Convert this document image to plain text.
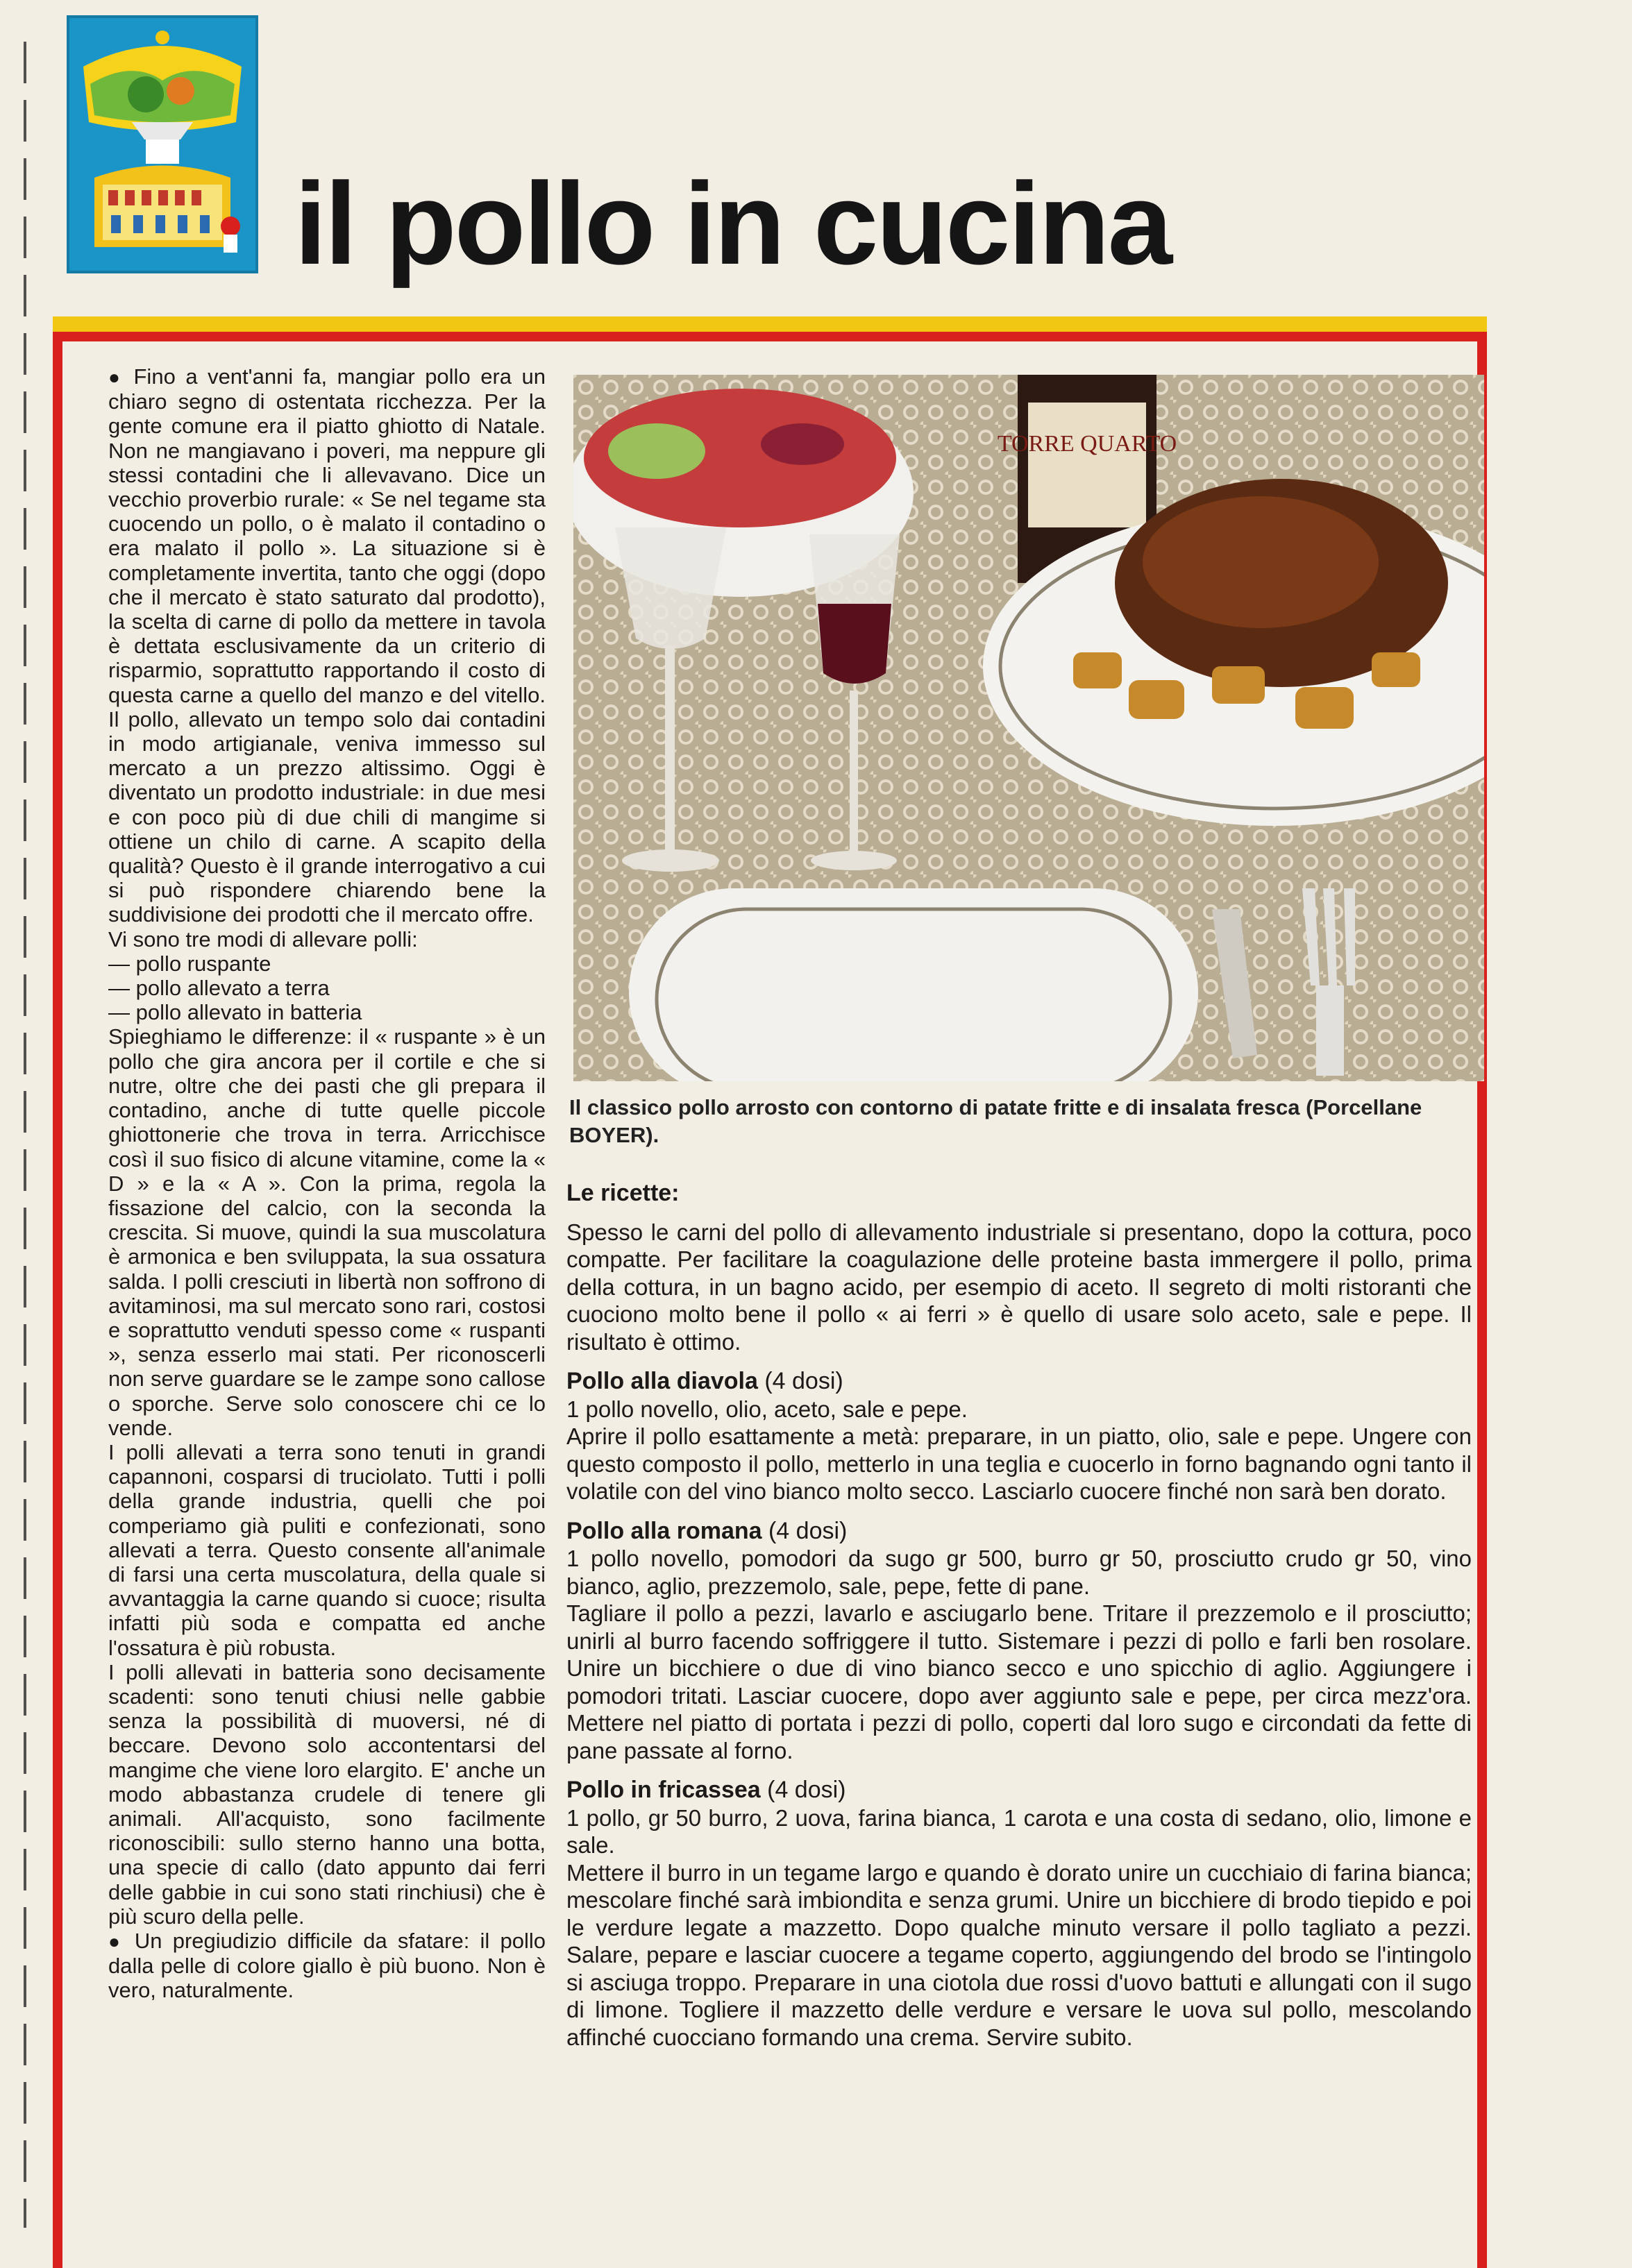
il pollo in cucina

● Fino a vent'anni fa, mangiar pollo era un chiaro segno di ostentata ricchezza. Per la gente comune era il piatto ghiotto di Natale. Non ne mangiavano i poveri, ma neppure gli stessi contadini che li allevavano. Dice un vecchio proverbio rurale: « Se nel tegame sta cuocendo un pollo, o è malato il contadino o era malato il pollo ». La situazione si è completamente invertita, tanto che oggi (dopo che il mercato è stato saturato dal prodotto), la scelta di carne di pollo da mettere in tavola è dettata esclusivamente da un criterio di risparmio, soprattutto rapportando il costo di questa carne a quello del manzo e del vitello. Il pollo, allevato un tempo solo dai contadini in modo artigianale, veniva immesso sul mercato a un prezzo altissimo. Oggi è diventato un prodotto industriale: in due mesi e con poco più di due chili di mangime si ottiene un chilo di carne. A scapito della qualità? Questo è il grande interrogativo a cui si può rispondere chiarendo bene la suddivisione dei prodotti che il mercato offre.

Vi sono tre modi di allevare polli:

— pollo ruspante

— pollo allevato a terra

— pollo allevato in batteria

Spieghiamo le differenze: il « ruspante » è un pollo che gira ancora per il cortile e che si nutre, oltre che dei pasti che gli prepara il contadino, anche di tutte quelle piccole ghiottonerie che trova in terra. Arricchisce così il suo fisico di alcune vitamine, come la « D » e la « A ». Con la prima, regola la fissazione del calcio, con la seconda la crescita. Si muove, quindi la sua muscolatura è armonica e ben sviluppata, la sua ossatura salda. I polli cresciuti in libertà non soffrono di avitaminosi, ma sul mercato sono rari, costosi e soprattutto venduti spesso come « ruspanti », senza esserlo mai stati. Per riconoscerli non serve guardare se le zampe sono callose o sporche. Serve solo conoscere chi ce lo vende.

I polli allevati a terra sono tenuti in grandi capannoni, cosparsi di truciolato. Tutti i polli della grande industria, quelli che poi comperiamo già puliti e confezionati, sono allevati a terra. Questo consente all'animale di farsi una certa muscolatura, della quale si avvantaggia la carne quando si cuoce; risulta infatti più soda e compatta ed anche l'ossatura è più robusta.

I polli allevati in batteria sono decisamente scadenti: sono tenuti chiusi nelle gabbie senza la possibilità di muoversi, né di beccare. Devono solo accontentarsi del mangime che viene loro elargito. E' anche un modo abbastanza crudele di tenere gli animali. All'acquisto, sono facilmente riconoscibili: sullo sterno hanno una botta, una specie di callo (dato appunto dai ferri delle gabbie in cui sono stati rinchiusi) che è più scuro della pelle.

● Un pregiudizio difficile da sfatare: il pollo dalla pelle di colore giallo è più buono. Non è vero, naturalmente.

TORRE QUARTO
Il classico pollo arrosto con contorno di patate fritte e di insalata fresca (Porcellane BOYER).
Le ricette:

Spesso le carni del pollo di allevamento industriale si presentano, dopo la cottura, poco compatte. Per facilitare la coagulazione delle proteine basta immergere il pollo, prima della cottura, in un bagno acido, per esempio di aceto. Il segreto di molti ristoranti che cuociono molto bene il pollo « ai ferri » è quello di usare solo aceto, sale e pepe. Il risultato è ottimo.

Pollo alla diavola (4 dosi)

1 pollo novello, olio, aceto, sale e pepe.

Aprire il pollo esattamente a metà: preparare, in un piatto, olio, sale e pepe. Ungere con questo composto il pollo, metterlo in una teglia e cuocerlo in forno bagnando ogni tanto il volatile con del vino bianco molto secco. Lasciarlo cuocere finché non sarà ben dorato.

Pollo alla romana (4 dosi)

1 pollo novello, pomodori da sugo gr 500, burro gr 50, prosciutto crudo gr 50, vino bianco, aglio, prezzemolo, sale, pepe, fette di pane.

Tagliare il pollo a pezzi, lavarlo e asciugarlo bene. Tritare il prezzemolo e il prosciutto; unirli al burro facendo soffriggere il tutto. Sistemare i pezzi di pollo e farli ben rosolare. Unire un bicchiere o due di vino bianco secco e uno spicchio di aglio. Aggiungere i pomodori tritati. Lasciar cuocere, dopo aver aggiunto sale e pepe, per circa mezz'ora. Mettere nel piatto di portata i pezzi di pollo, coperti dal loro sugo e circondati da fette di pane passate al forno.

Pollo in fricassea (4 dosi)

1 pollo, gr 50 burro, 2 uova, farina bianca, 1 carota e una costa di sedano, olio, limone e sale.

Mettere il burro in un tegame largo e quando è dorato unire un cucchiaio di farina bianca; mescolare finché sarà imbiondita e senza grumi. Unire un bicchiere di brodo tiepido e poi le verdure legate a mazzetto. Dopo qualche minuto versare il pollo tagliato a pezzi. Salare, pepare e lasciar cuocere a tegame coperto, aggiungendo del brodo se l'intingolo si asciuga troppo. Preparare in una ciotola due rossi d'uovo battuti e allungati con il sugo di limone. Togliere il mazzetto delle verdure e versare le uova sul pollo, mescolando affinché cuocciano formando una crema. Servire subito.
